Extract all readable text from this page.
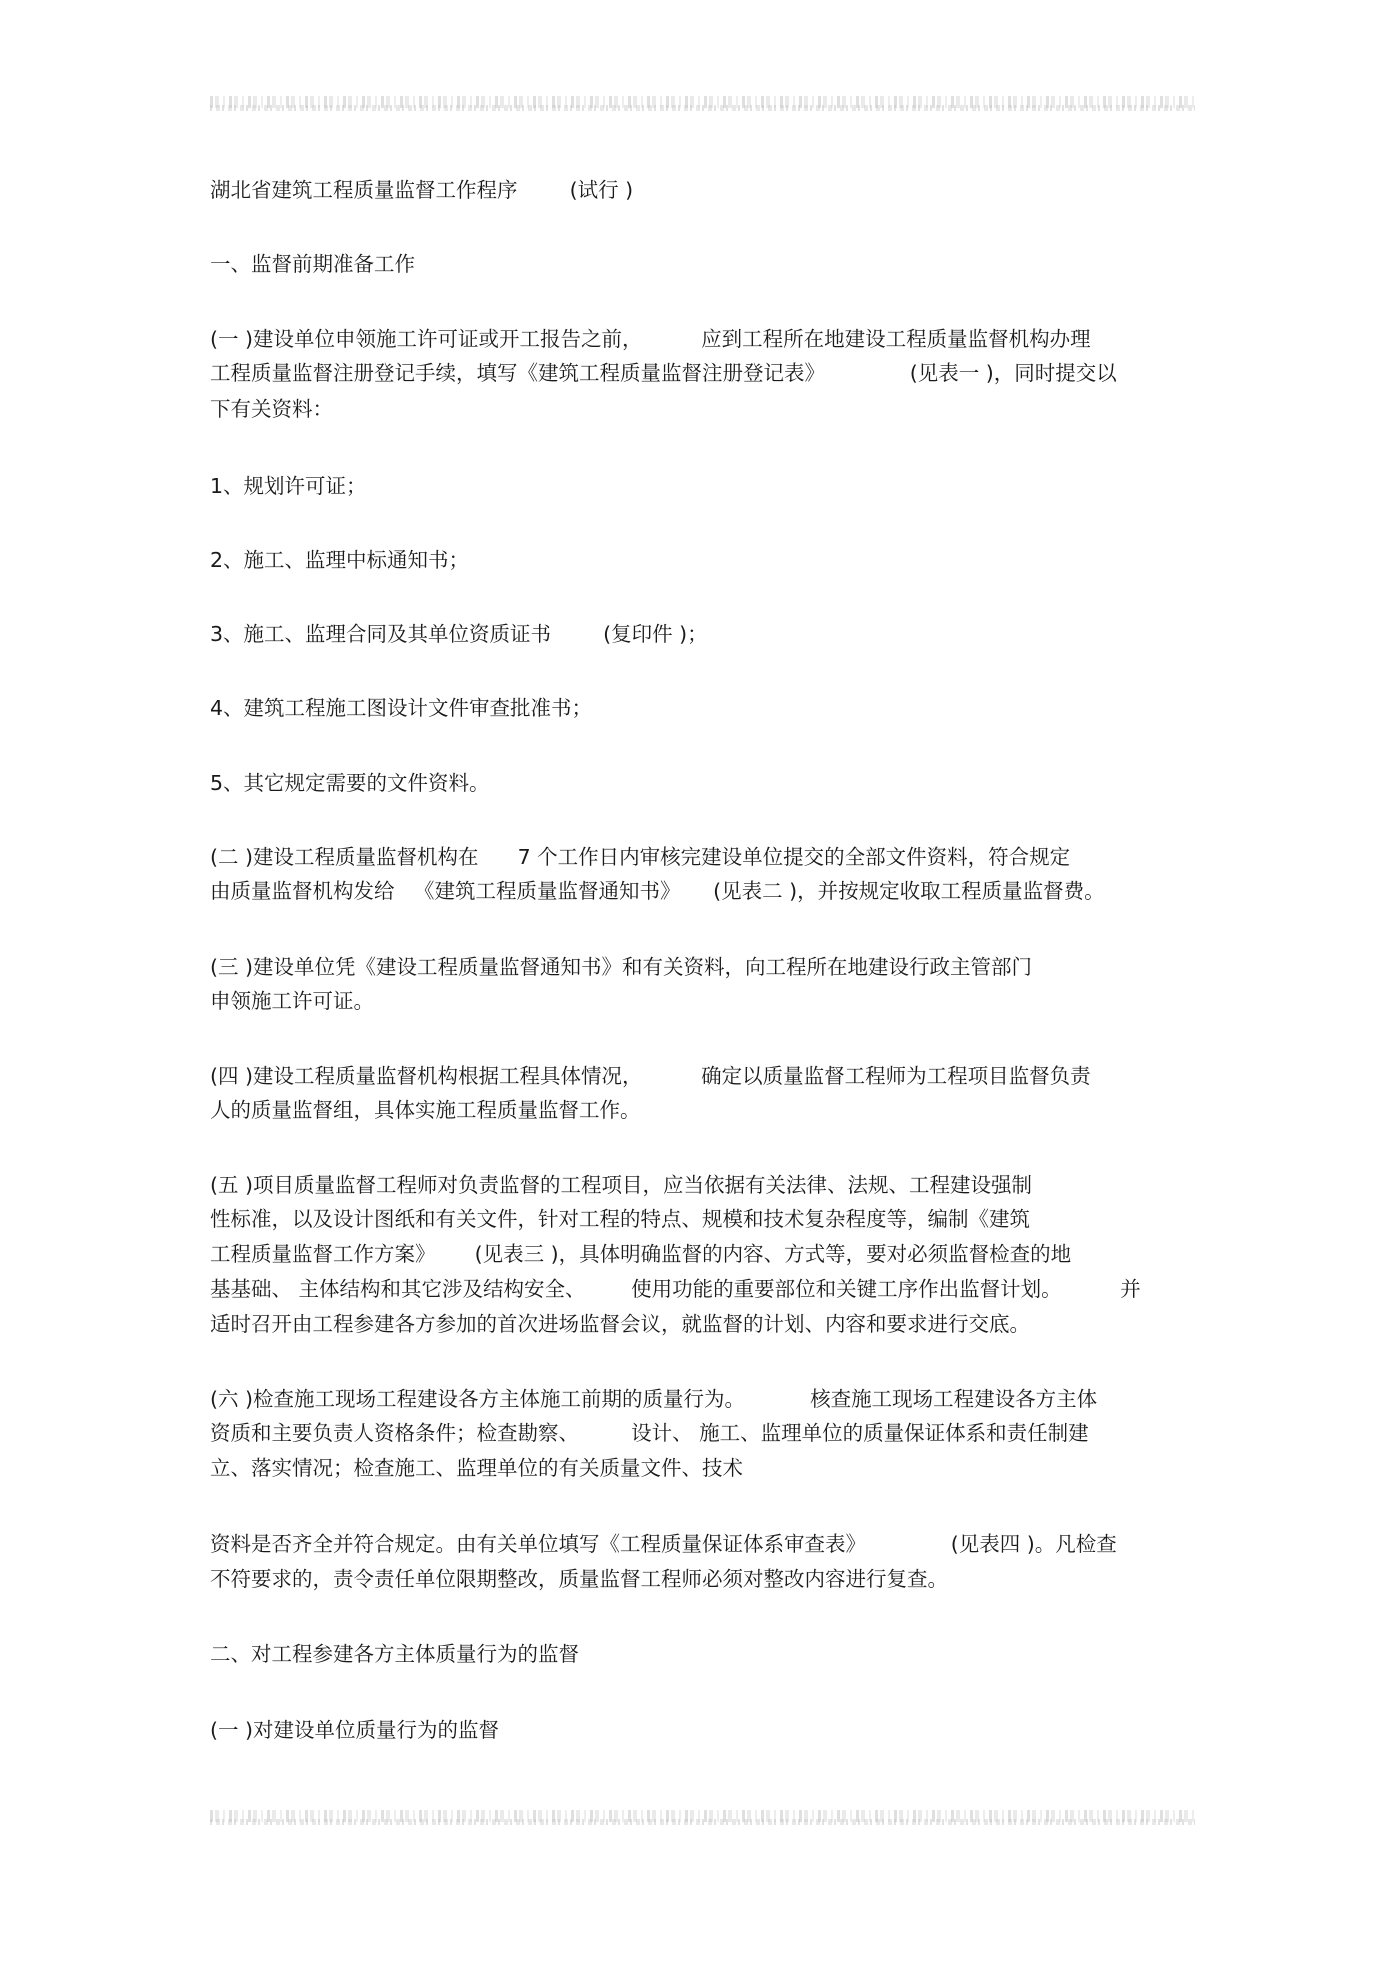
湖北省建筑工程质量监督工作程序        (试行 )
一、监督前期准备工作
(一 )建设单位申领施工许可证或开工报告之前，         应到工程所在地建设工程质量监督机构办理
工程质量监督注册登记手续，填写《建筑工程质量监督注册登记表》             (见表一 )，同时提交以
下有关资料：
1、规划许可证；
2、施工、监理中标通知书；
3、施工、监理合同及其单位资质证书        (复印件 )；
4、建筑工程施工图设计文件审查批准书；
5、其它规定需要的文件资料。
(二 )建设工程质量监督机构在      7 个工作日内审核完建设单位提交的全部文件资料，符合规定
由质量监督机构发给   《建筑工程质量监督通知书》     (见表二 )，并按规定收取工程质量监督费。
(三 )建设单位凭《建设工程质量监督通知书》和有关资料，向工程所在地建设行政主管部门
申领施工许可证。
(四 )建设工程质量监督机构根据工程具体情况，         确定以质量监督工程师为工程项目监督负责
人的质量监督组，具体实施工程质量监督工作。
(五 )项目质量监督工程师对负责监督的工程项目，应当依据有关法律、法规、工程建设强制
性标准，以及设计图纸和有关文件，针对工程的特点、规模和技术复杂程度等，编制《建筑
工程质量监督工作方案》      (见表三 )，具体明确监督的内容、方式等，要对必须监督检查的地
基基础、 主体结构和其它涉及结构安全、       使用功能的重要部位和关键工序作出监督计划。         并
适时召开由工程参建各方参加的首次进场监督会议，就监督的计划、内容和要求进行交底。
(六 )检查施工现场工程建设各方主体施工前期的质量行为。          核查施工现场工程建设各方主体
资质和主要负责人资格条件；检查勘察、        设计、 施工、监理单位的质量保证体系和责任制建
立、落实情况；检查施工、监理单位的有关质量文件、技术
资料是否齐全并符合规定。由有关单位填写《工程质量保证体系审查表》             (见表四 )。凡检查
不符要求的，责令责任单位限期整改，质量监督工程师必须对整改内容进行复查。
二、对工程参建各方主体质量行为的监督
(一 )对建设单位质量行为的监督
